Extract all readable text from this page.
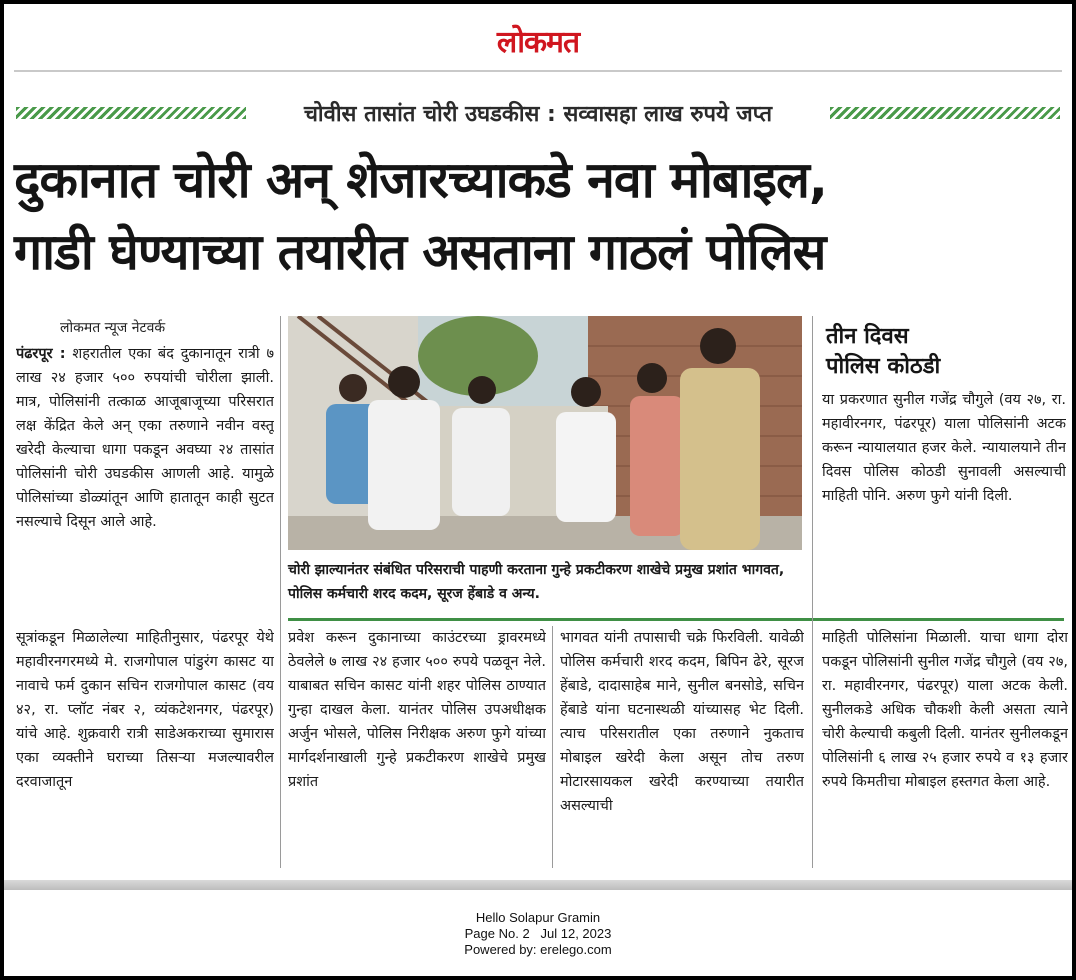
लोकमत
चोवीस तासांत चोरी उघडकीस : सव्वासहा लाख रुपये जप्त
दुकानात चोरी अन् शेजारच्याकडे नवा मोबाइल,
गाडी घेण्याच्या तयारीत असताना गाठलं पोलिस
लोकमत न्यूज नेटवर्क
पंढरपूर : शहरातील एका बंद दुकानातून रात्री ७ लाख २४ हजार ५०० रुपयांची चोरीला झाली. मात्र, पोलिसांनी तत्काळ आजूबाजूच्या परिसरात लक्ष केंद्रित केले अन् एका तरुणाने नवीन वस्तू खरेदी केल्याचा धागा पकडून अवघ्या २४ तासांत पोलिसांनी चोरी उघडकीस आणली आहे. यामुळे पोलिसांच्या डोळ्यांतून आणि हातातून काही सुटत नसल्याचे दिसून आले आहे.
चोरी झाल्यानंतर संबंधित परिसराची पाहणी करताना गुन्हे प्रकटीकरण शाखेचे प्रमुख प्रशांत भागवत, पोलिस कर्मचारी शरद कदम, सूरज हेंबाडे व अन्य.
तीन दिवस
पोलिस कोठडी
या प्रकरणात सुनील गजेंद्र चौगुले (वय २७, रा. महावीरनगर, पंढरपूर) याला पोलिसांनी अटक करून न्यायालयात हजर केले. न्यायालयाने तीन दिवस पोलिस कोठडी सुनावली असल्याची माहिती पोनि. अरुण फुगे यांनी दिली.
सूत्रांकडून मिळालेल्या माहितीनुसार, पंढरपूर येथे महावीरनगरमध्ये मे. राजगोपाल पांडुरंग कासट या नावाचे फर्म दुकान सचिन राजगोपाल कासट (वय ४२, रा. प्लॉट नंबर २, व्यंकटेशनगर, पंढरपूर) यांचे आहे. शुक्रवारी रात्री साडेअकराच्या सुमारास एका व्यक्तीने घराच्या तिसऱ्या मजल्यावरील दरवाजातून
प्रवेश करून दुकानाच्या काउंटरच्या ड्रावरमध्ये ठेवलेले ७ लाख २४ हजार ५०० रुपये पळवून नेले. याबाबत सचिन कासट यांनी शहर पोलिस ठाण्यात गुन्हा दाखल केला. यानंतर पोलिस उपअधीक्षक अर्जुन भोसले, पोलिस निरीक्षक अरुण फुगे यांच्या मार्गदर्शनाखाली गुन्हे प्रकटीकरण शाखेचे प्रमुख प्रशांत
भागवत यांनी तपासाची चक्रे फिरविली. यावेळी पोलिस कर्मचारी शरद कदम, बिपिन ढेरे, सूरज हेंबाडे, दादासाहेब माने, सुनील बनसोडे, सचिन हेंबाडे यांना घटनास्थळी यांच्यासह भेट दिली. त्याच परिसरातील एका तरुणाने नुकताच मोबाइल खरेदी केला असून तोच तरुण मोटारसायकल खरेदी करण्याच्या तयारीत असल्याची
माहिती पोलिसांना मिळाली. याचा धागा दोरा पकडून पोलिसांनी सुनील गजेंद्र चौगुले (वय २७, रा. महावीरनगर, पंढरपूर) याला अटक केली. सुनीलकडे अधिक चौकशी केली असता त्याने चोरी केल्याची कबुली दिली. यानंतर सुनीलकडून पोलिसांनी ६ लाख २५ हजार रुपये व १३ हजार रुपये किमतीचा मोबाइल हस्तगत केला आहे.
Hello Solapur Gramin
Page No. 2   Jul 12, 2023
Powered by: erelego.com
